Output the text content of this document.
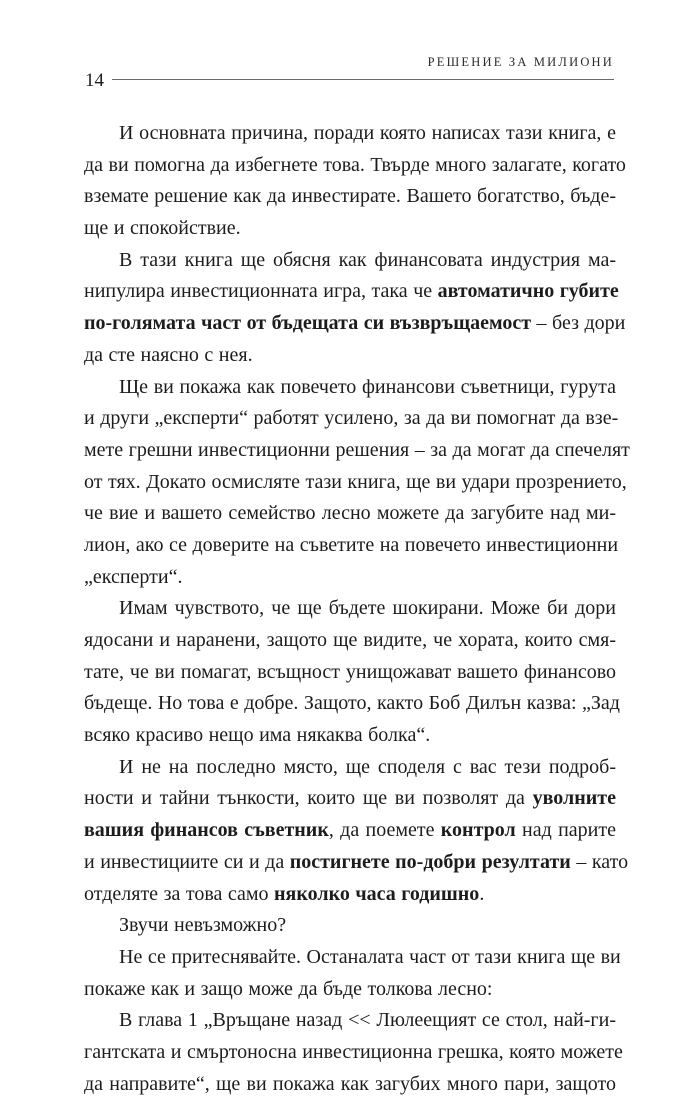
14
РЕШЕНИЕ ЗА МИЛИОНИ
И основната причина, поради която написах тази книга, е
да ви помогна да избегнете това. Твърде много залагате, когато
вземате решение как да инвестирате. Вашето богатство, бъде-
ще и спокойствие.
В тази книга ще обясня как финансовата индустрия ма-
нипулира инвестиционната игра, така че автоматично губите
по-голямата част от бъдещата си възвръщаемост – без дори
да сте наясно с нея.
Ще ви покажа как повечето финансови съветници, гурута
и други „експерти“ работят усилено, за да ви помогнат да взе-
мете грешни инвестиционни решения – за да могат да спечелят
от тях. Докато осмисляте тази книга, ще ви удари прозрението,
че вие и вашето семейство лесно можете да загубите над ми-
лион, ако се доверите на съветите на повечето инвестиционни
„експерти“.
Имам чувството, че ще бъдете шокирани. Може би дори
ядосани и наранени, защото ще видите, че хората, които смя-
тате, че ви помагат, всъщност унищожават вашето финансово
бъдеще. Но това е добре. Защото, както Боб Дилън казва: „Зад
всяко красиво нещо има някаква болка“.
И не на последно място, ще споделя с вас тези подроб-
ности и тайни тънкости, които ще ви позволят да уволните
вашия финансов съветник, да поемете контрол над парите
и инвестициите си и да постигнете по-добри резултати – като
отделяте за това само няколко часа годишно.
Звучи невъзможно?
Не се притеснявайте. Останалата част от тази книга ще ви
покаже как и защо може да бъде толкова лесно:
В глава 1 „Връщане назад << Люлеещият се стол, най-ги-
гантската и смъртоносна инвестиционна грешка, която можете
да направите“, ще ви покажа как загубих много пари, защото
